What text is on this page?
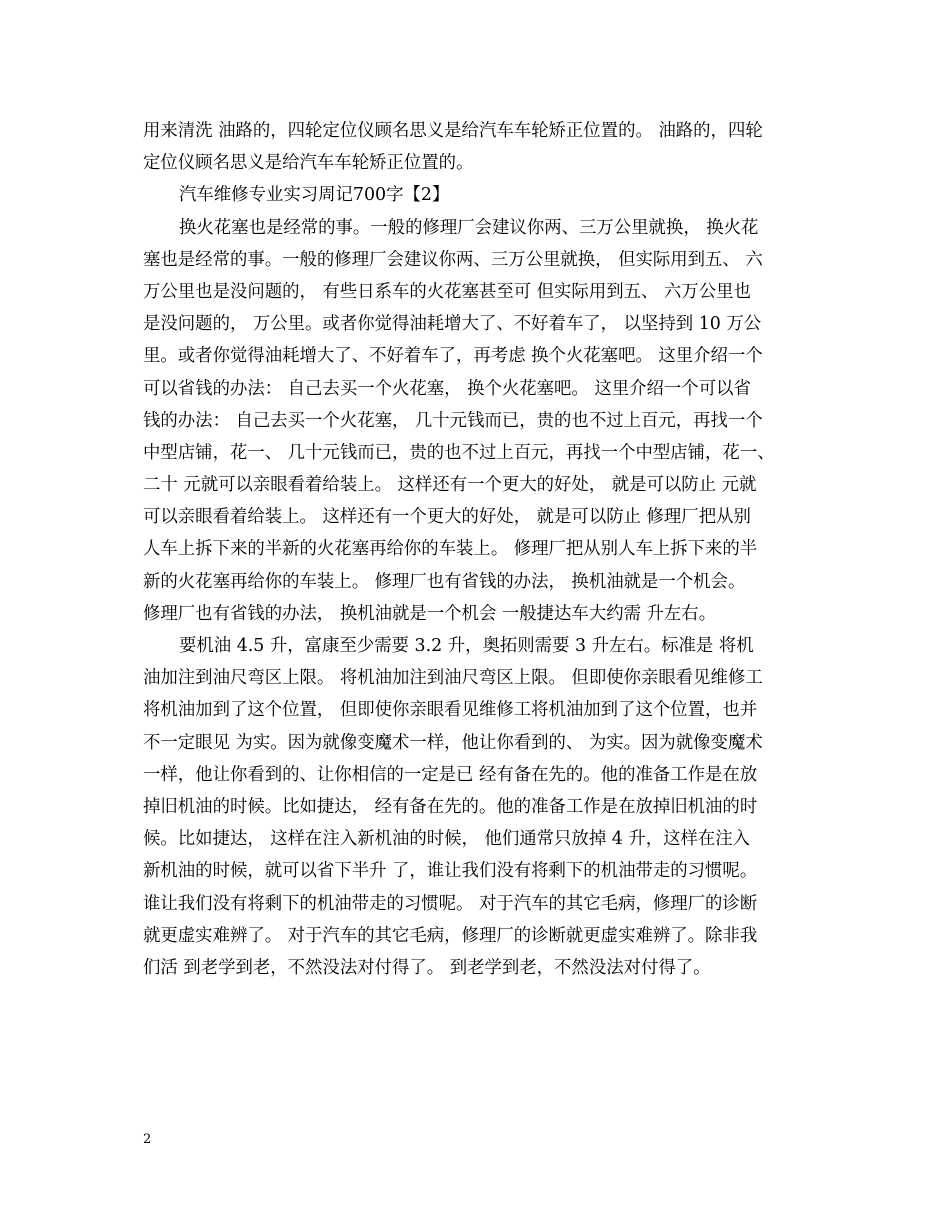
用来清洗 油路的，四轮定位仪顾名思义是给汽车车轮矫正位置的。 油路的，四轮
定位仪顾名思义是给汽车车轮矫正位置的。
汽车维修专业实习周记700字【2】
换火花塞也是经常的事。一般的修理厂会建议你两、三万公里就换， 换火花
塞也是经常的事。一般的修理厂会建议你两、三万公里就换， 但实际用到五、 六
万公里也是没问题的， 有些日系车的火花塞甚至可 但实际用到五、 六万公里也
是没问题的， 万公里。或者你觉得油耗增大了、不好着车了， 以坚持到 10 万公
里。或者你觉得油耗增大了、不好着车了，再考虑 换个火花塞吧。 这里介绍一个
可以省钱的办法： 自己去买一个火花塞， 换个火花塞吧。 这里介绍一个可以省
钱的办法： 自己去买一个火花塞， 几十元钱而已，贵的也不过上百元，再找一个
中型店铺，花一、 几十元钱而已，贵的也不过上百元，再找一个中型店铺，花一、
二十 元就可以亲眼看着给装上。 这样还有一个更大的好处， 就是可以防止 元就
可以亲眼看着给装上。 这样还有一个更大的好处， 就是可以防止 修理厂把从别
人车上拆下来的半新的火花塞再给你的车装上。 修理厂把从别人车上拆下来的半
新的火花塞再给你的车装上。 修理厂也有省钱的办法， 换机油就是一个机会。
修理厂也有省钱的办法， 换机油就是一个机会 一般捷达车大约需 升左右。
要机油 4.5 升，富康至少需要 3.2 升，奥拓则需要 3 升左右。标准是 将机
油加注到油尺弯区上限。 将机油加注到油尺弯区上限。 但即使你亲眼看见维修工
将机油加到了这个位置， 但即使你亲眼看见维修工将机油加到了这个位置，也并
不一定眼见 为实。因为就像变魔术一样，他让你看到的、 为实。因为就像变魔术
一样，他让你看到的、让你相信的一定是已 经有备在先的。他的准备工作是在放
掉旧机油的时候。比如捷达， 经有备在先的。他的准备工作是在放掉旧机油的时
候。比如捷达， 这样在注入新机油的时候， 他们通常只放掉 4 升，这样在注入
新机油的时候，就可以省下半升 了，谁让我们没有将剩下的机油带走的习惯呢。
谁让我们没有将剩下的机油带走的习惯呢。 对于汽车的其它毛病，修理厂的诊断
就更虚实难辨了。 对于汽车的其它毛病，修理厂的诊断就更虚实难辨了。除非我
们活 到老学到老，不然没法对付得了。 到老学到老，不然没法对付得了。
2
